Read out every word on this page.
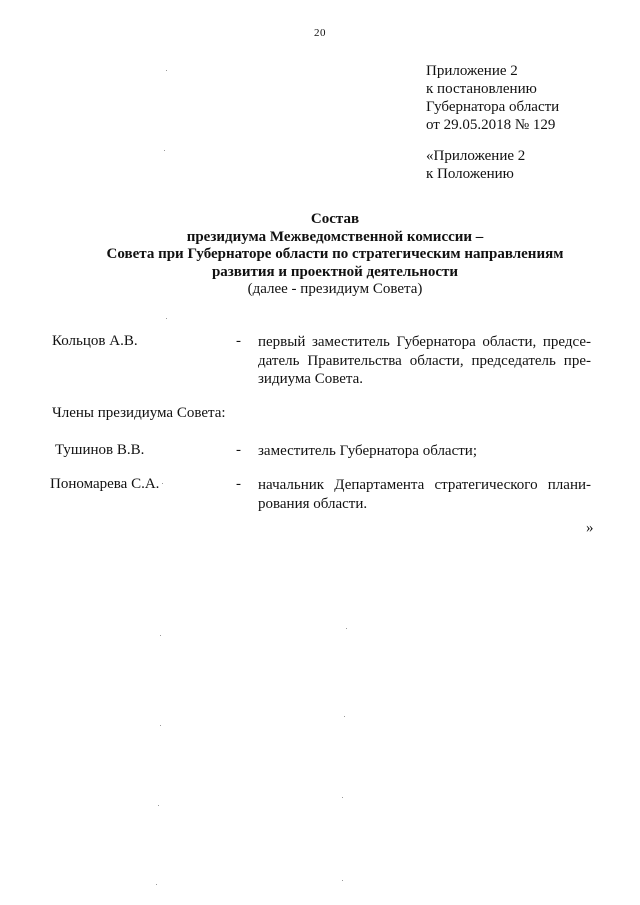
20
Приложение 2
к постановлению
Губернатора области
от 29.05.2018 № 129
«Приложение 2
к Положению
Состав
президиума Межведомственной комиссии –
Совета при Губернаторе области по стратегическим направлениям
развития и проектной деятельности
(далее - президиум Совета)
Кольцов А.В.	- первый заместитель Губернатора области, предсе-
датель Правительства области, председатель пре-
зидиума Совета.
Члены президиума Совета:
Тушинов В.В.	- заместитель Губернатора области;
Пономарева С.А.	- начальник Департамента стратегического плани-
рования области.
»
